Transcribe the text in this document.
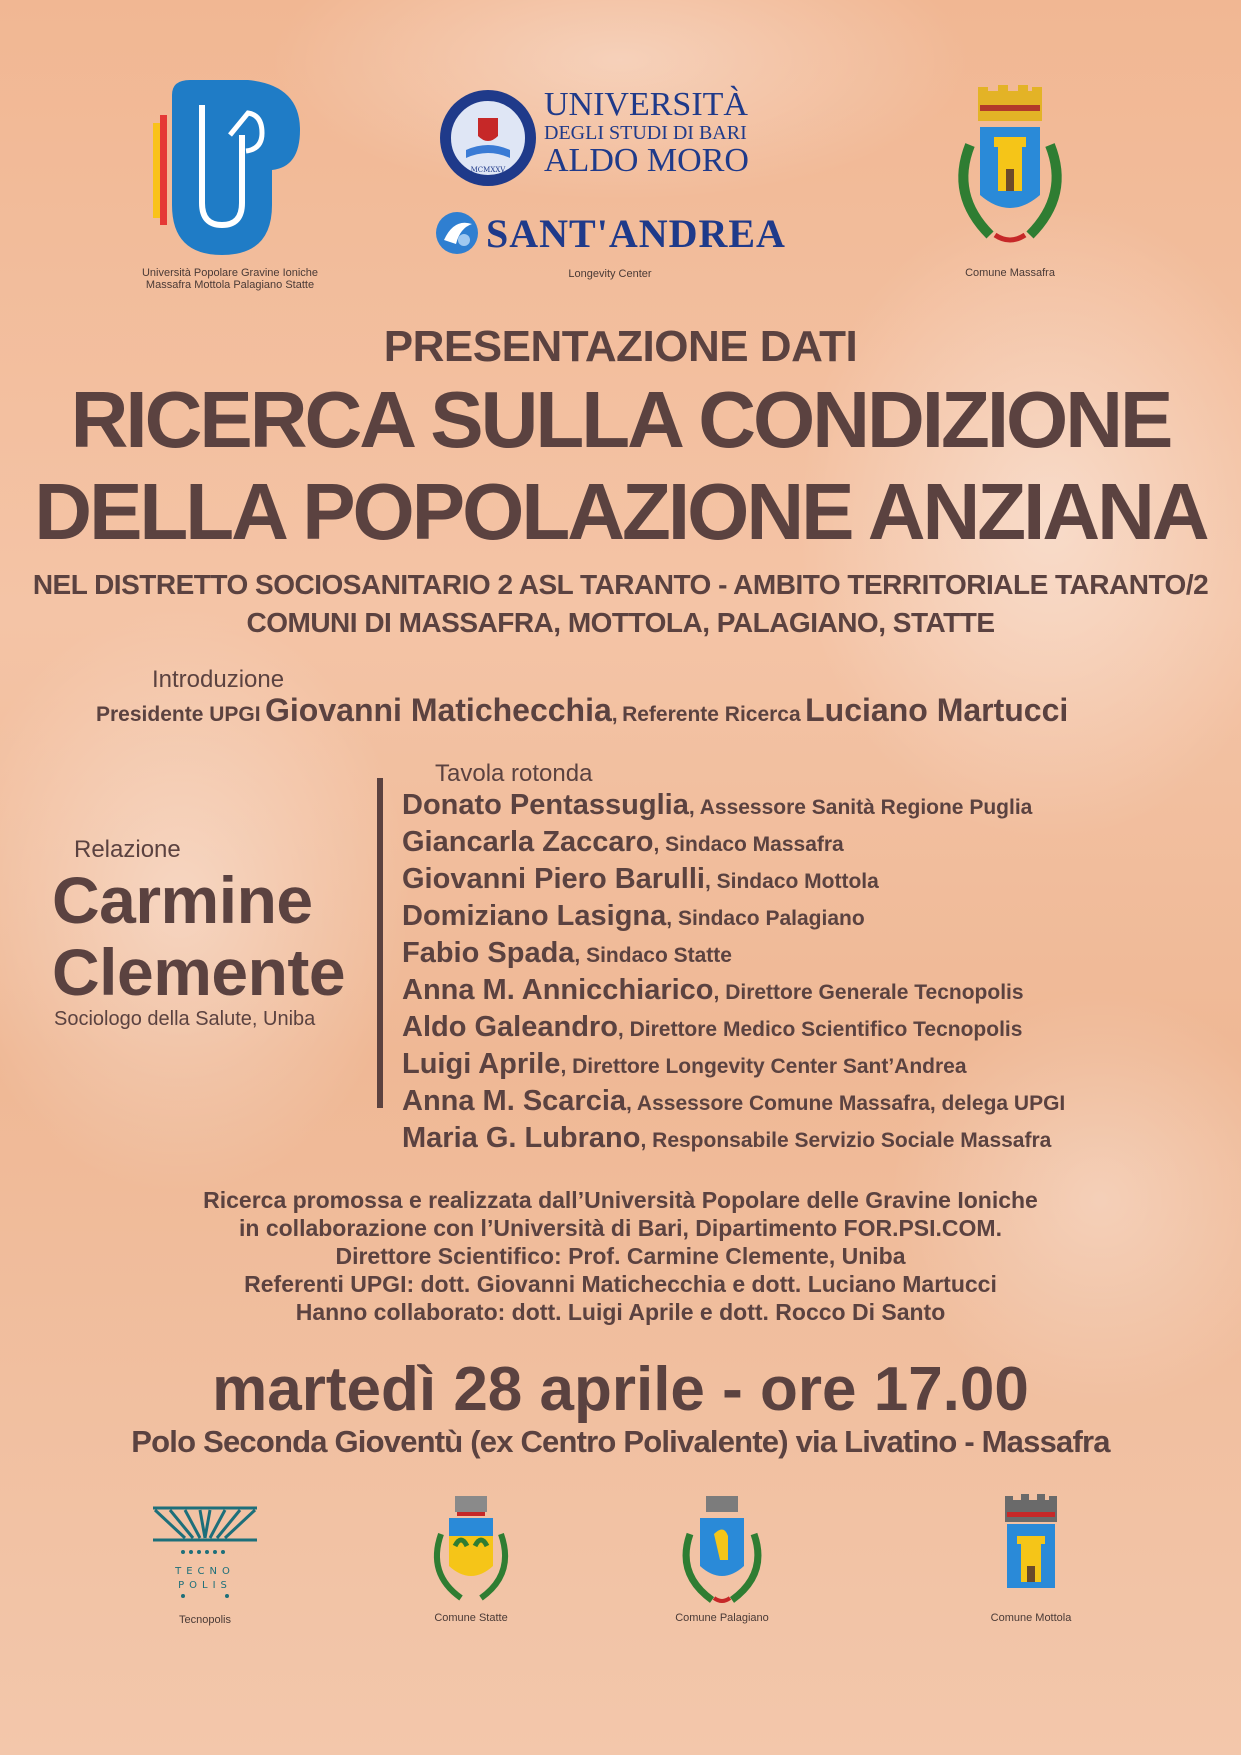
Università Popolare Gravine Ioniche
Massafra Mottola Palagiano Statte
MCMXXV
UNIVERSITÀ
DEGLI STUDI DI BARI
ALDO MORO
SANT'ANDREA
Longevity Center	Comune Massafra
PRESENTAZIONE DATI
RICERCA SULLA CONDIZIONE
DELLA POPOLAZIONE ANZIANA
NEL DISTRETTO SOCIOSANITARIO 2 ASL TARANTO - AMBITO TERRITORIALE TARANTO/2
COMUNI DI MASSAFRA, MOTTOLA, PALAGIANO, STATTE
Introduzione
Presidente UPGI Giovanni Matichecchia, Referente Ricerca Luciano Martucci
Relazione
Carmine
Clemente
Sociologo della Salute, Uniba
Tavola rotonda
Donato Pentassuglia, Assessore Sanità Regione Puglia
Giancarla Zaccaro, Sindaco Massafra
Giovanni Piero Barulli, Sindaco Mottola
Domiziano Lasigna, Sindaco Palagiano
Fabio Spada, Sindaco Statte
Anna M. Annicchiarico, Direttore Generale Tecnopolis
Aldo Galeandro, Direttore Medico Scientifico Tecnopolis
Luigi Aprile, Direttore Longevity Center Sant’Andrea
Anna M. Scarcia, Assessore Comune Massafra, delega UPGI
Maria G. Lubrano, Responsabile Servizio Sociale Massafra
Ricerca promossa e realizzata dall’Università Popolare delle Gravine Ioniche
in collaborazione con l’Università di Bari, Dipartimento FOR.PSI.COM.
Direttore Scientifico: Prof. Carmine Clemente, Uniba
Referenti UPGI: dott. Giovanni Matichecchia e dott. Luciano Martucci
Hanno collaborato: dott. Luigi Aprile e dott. Rocco Di Santo
martedì 28 aprile - ore 17.00
Polo Seconda Gioventù (ex Centro Polivalente) via Livatino - Massafra
TECNO
POLIS
Tecnopolis	Comune Statte	Comune Palagiano	Comune Mottola
